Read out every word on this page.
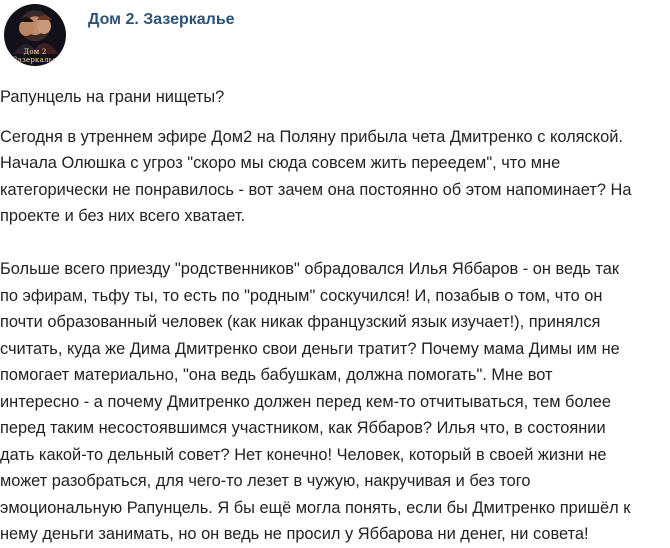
Дом 2 Зазеркалье
Дом 2. Зазеркалье

Рапунцель на грани нищеты?

Сегодня в утреннем эфире Дом2 на Поляну прибыла чета Дмитренко с коляской.
Начала Олюшка с угроз "скоро мы сюда совсем жить переедем", что мне
категорически не понравилось - вот зачем она постоянно об этом напоминает? На
проекте и без них всего хватает.

Больше всего приезду "родственников" обрадовался Илья Яббаров - он ведь так
по эфирам, тьфу ты, то есть по "родным" соскучился! И, позабыв о том, что он
почти образованный человек (как никак французский язык изучает!), принялся
считать, куда же Дима Дмитренко свои деньги тратит? Почему мама Димы им не
помогает материально, "она ведь бабушкам, должна помогать". Мне вот
интересно - а почему Дмитренко должен перед кем-то отчитываться, тем более
перед таким несостоявшимся участником, как Яббаров? Илья что, в состоянии
дать какой-то дельный совет? Нет конечно! Человек, который в своей жизни не
может разобраться, для чего-то лезет в чужую, накручивая и без того
эмоциональную Рапунцель. Я бы ещё могла понять, если бы Дмитренко пришёл к
нему деньги занимать, но он ведь не просил у Яббарова ни денег, ни совета!
